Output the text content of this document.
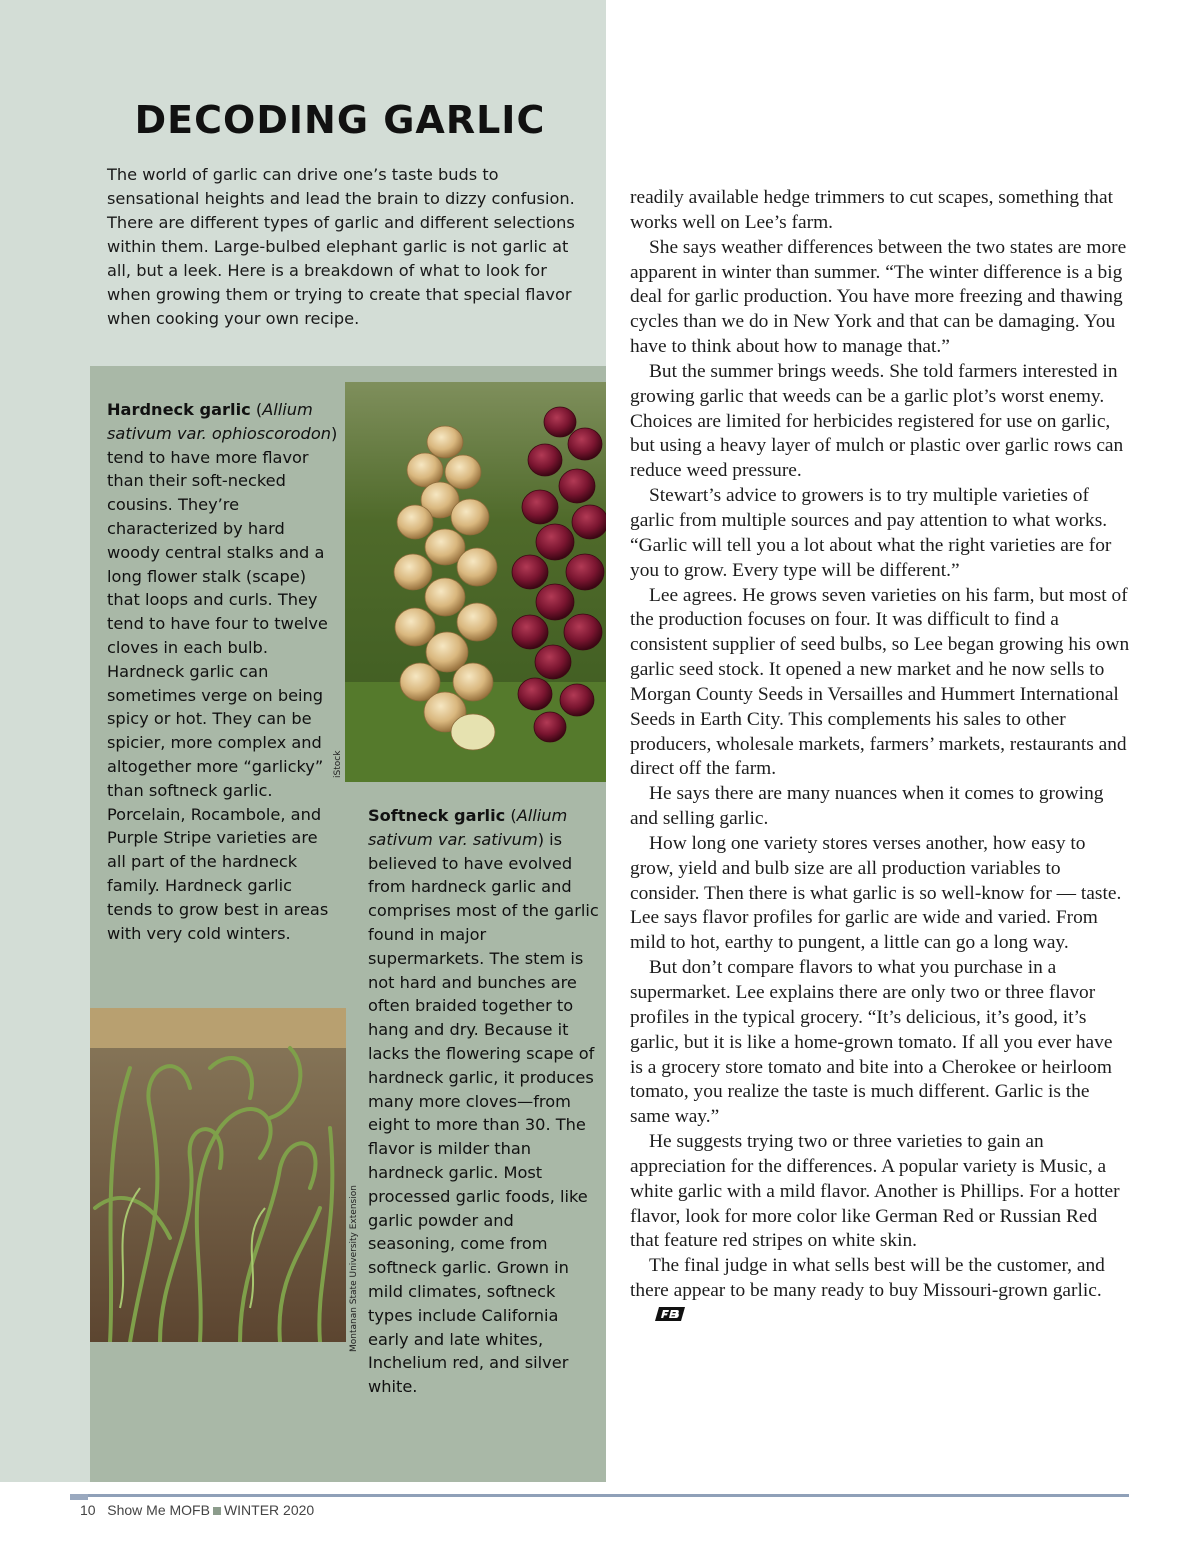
DECODING GARLIC

The world of garlic can drive one’s taste buds to sensational heights and lead the brain to dizzy confusion. There are different types of garlic and different selections within them. Large-bulbed elephant garlic is not garlic at all, but a leek. Here is a breakdown of what to look for when growing them or trying to create that special flavor when cooking your own recipe.

Hardneck garlic (Allium sativum var. ophioscorodon) tend to have more flavor than their soft-necked cousins. They’re characterized by hard woody central stalks and a long flower stalk (scape) that loops and curls. They tend to have four to twelve cloves in each bulb. Hardneck garlic can sometimes verge on being spicy or hot. They can be spicier, more complex and altogether more “garlicky” than softneck garlic. Porcelain, Rocambole, and Purple Stripe varieties are all part of the hardneck family. Hardneck garlic tends to grow best in areas with very cold winters.

iStock
Montanan State University Extension

Softneck garlic (Allium sativum var. sativum) is believed to have evolved from hardneck garlic and comprises most of the garlic found in major supermarkets. The stem is not hard and bunches are often braided together to hang and dry. Because it lacks the flowering scape of hardneck garlic, it produces many more cloves—from eight to more than 30. The flavor is milder than hardneck garlic. Most processed garlic foods, like garlic powder and seasoning, come from softneck garlic. Grown in mild climates, softneck types include California early and late whites, Inchelium red, and silver white.

readily available hedge trimmers to cut scapes, something that works well on Lee’s farm.

She says weather differences between the two states are more apparent in winter than summer. “The winter difference is a big deal for garlic production. You have more freezing and thawing cycles than we do in New York and that can be damaging. You have to think about how to manage that.”

But the summer brings weeds. She told farmers interested in growing garlic that weeds can be a garlic plot’s worst enemy. Choices are limited for herbicides registered for use on garlic, but using a heavy layer of mulch or plastic over garlic rows can reduce weed pressure.

Stewart’s advice to growers is to try multiple varieties of garlic from multiple sources and pay attention to what works. “Garlic will tell you a lot about what the right varieties are for you to grow. Every type will be different.”

Lee agrees. He grows seven varieties on his farm, but most of the production focuses on four. It was difficult to find a consistent supplier of seed bulbs, so Lee began growing his own garlic seed stock. It opened a new market and he now sells to Morgan County Seeds in Versailles and Hummert International Seeds in Earth City. This complements his sales to other producers, wholesale markets, farmers’ markets, restaurants and direct off the farm.

He says there are many nuances when it comes to growing and selling garlic.

How long one variety stores verses another, how easy to grow, yield and bulb size are all production variables to consider. Then there is what garlic is so well-know for — taste. Lee says flavor profiles for garlic are wide and varied. From mild to hot, earthy to pungent, a little can go a long way.

But don’t compare flavors to what you purchase in a supermarket. Lee explains there are only two or three flavor profiles in the typical grocery. “It’s delicious, it’s good, it’s garlic, but it is like a home-grown tomato. If all you ever have is a grocery store tomato and bite into a Cherokee or heirloom tomato, you realize the taste is much different. Garlic is the same way.”

He suggests trying two or three varieties to gain an appreciation for the differences. A popular variety is Music, a white garlic with a mild flavor. Another is Phillips. For a hotter flavor, look for more color like German Red or Russian Red that feature red stripes on white skin.

The final judge in what sells best will be the customer, and there appear to be many ready to buy Missouri-grown garlic.

10 Show Me MOFB WINTER 2020
